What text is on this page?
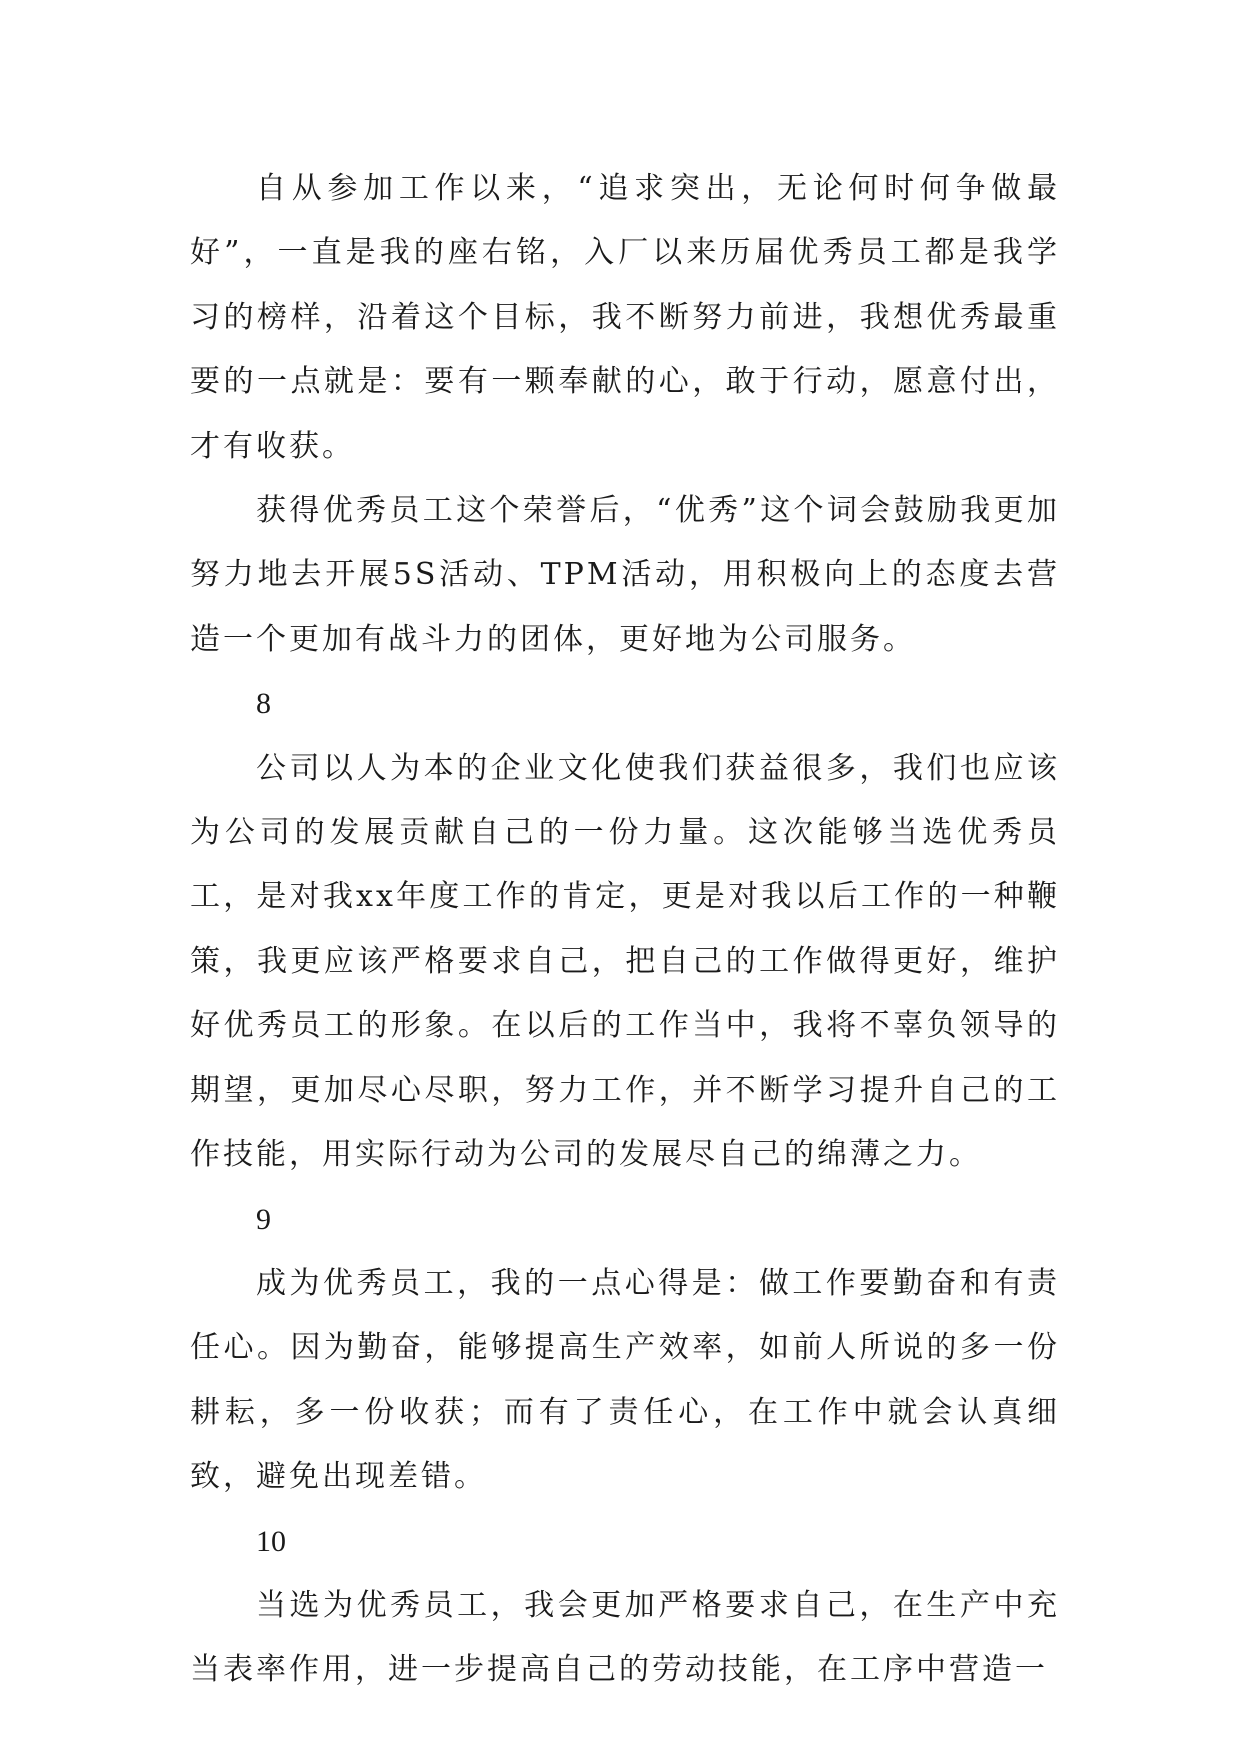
自从参加工作以来，“追求突出，无论何时何争做最好”，一直是我的座右铭，入厂以来历届优秀员工都是我学习的榜样，沿着这个目标，我不断努力前进，我想优秀最重要的一点就是：要有一颗奉献的心，敢于行动，愿意付出，才有收获。

获得优秀员工这个荣誉后，“优秀”这个词会鼓励我更加努力地去开展5S活动、TPM活动，用积极向上的态度去营造一个更加有战斗力的团体，更好地为公司服务。

8

公司以人为本的企业文化使我们获益很多，我们也应该为公司的发展贡献自己的一份力量。这次能够当选优秀员工，是对我xx年度工作的肯定，更是对我以后工作的一种鞭策，我更应该严格要求自己，把自己的工作做得更好，维护好优秀员工的形象。在以后的工作当中，我将不辜负领导的期望，更加尽心尽职，努力工作，并不断学习提升自己的工作技能，用实际行动为公司的发展尽自己的绵薄之力。

9

成为优秀员工，我的一点心得是：做工作要勤奋和有责任心。因为勤奋，能够提高生产效率，如前人所说的多一份耕耘，多一份收获；而有了责任心，在工作中就会认真细致，避免出现差错。

10

当选为优秀员工，我会更加严格要求自己，在生产中充当表率作用，进一步提高自己的劳动技能，在工序中营造一
